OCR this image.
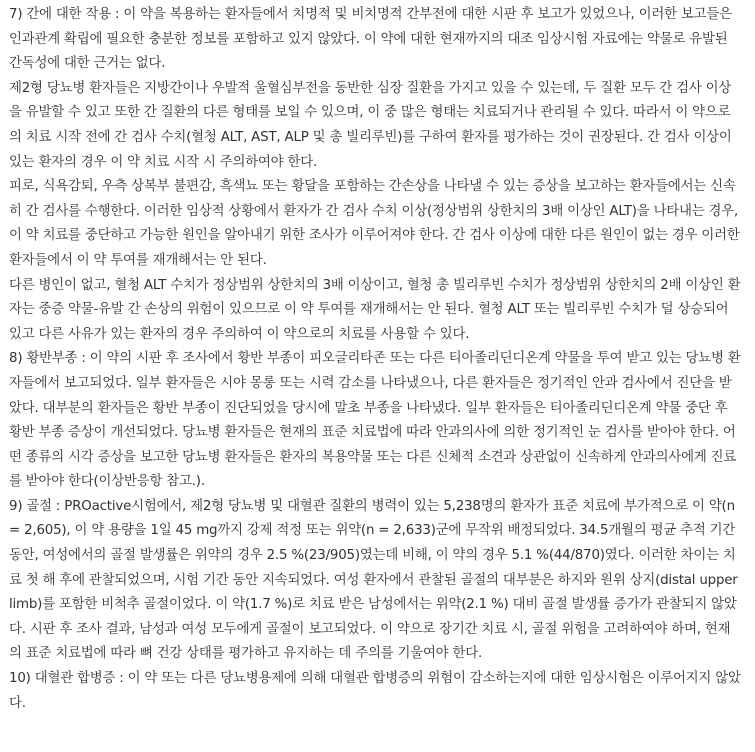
7) 간에 대한 작용 : 이 약을 복용하는 환자들에서 치명적 및 비치명적 간부전에 대한 시판 후 보고가 있었으나, 이러한 보고들은 인과관계 확립에 필요한 충분한 정보를 포함하고 있지 않았다. 이 약에 대한 현재까지의 대조 임상시험 자료에는 약물로 유발된 간독성에 대한 근거는 없다.

제2형 당뇨병 환자들은 지방간이나 우발적 울혈심부전을 동반한 심장 질환을 가지고 있을 수 있는데, 두 질환 모두 간 검사 이상을 유발할 수 있고 또한 간 질환의 다른 형태를 보일 수 있으며, 이 중 많은 형태는 치료되거나 관리될 수 있다. 따라서 이 약으로의 치료 시작 전에 간 검사 수치(혈청 ALT, AST, ALP 및 총 빌리루빈)를 구하여 환자를 평가하는 것이 권장된다. 간 검사 이상이 있는 환자의 경우 이 약 치료 시작 시 주의하여야 한다.

피로, 식욕감퇴, 우측 상복부 불편감, 흑색뇨 또는 황달을 포함하는 간손상을 나타낼 수 있는 증상을 보고하는 환자들에서는 신속히 간 검사를 수행한다. 이러한 임상적 상황에서 환자가 간 검사 수치 이상(정상범위 상한치의 3배 이상인 ALT)을 나타내는 경우, 이 약 치료를 중단하고 가능한 원인을 알아내기 위한 조사가 이루어져야 한다. 간 검사 이상에 대한 다른 원인이 없는 경우 이러한 환자들에서 이 약 투여를 재개해서는 안 된다.

다른 병인이 없고, 혈청 ALT 수치가 정상범위 상한치의 3배 이상이고, 혈청 총 빌리루빈 수치가 정상범위 상한치의 2배 이상인 환자는 중증 약물-유발 간 손상의 위험이 있으므로 이 약 투여를 재개해서는 안 된다. 혈청 ALT 또는 빌리루빈 수치가 덜 상승되어 있고 다른 사유가 있는 환자의 경우 주의하여 이 약으로의 치료를 사용할 수 있다.

8) 황반부종 : 이 약의 시판 후 조사에서 황반 부종이 피오글리타존 또는 다른 티아졸리딘디온계 약물을 투여 받고 있는 당뇨병 환자들에서 보고되었다. 일부 환자들은 시야 몽롱 또는 시력 감소를 나타냈으나, 다른 환자들은 정기적인 안과 검사에서 진단을 받았다. 대부분의 환자들은 황반 부종이 진단되었을 당시에 말초 부종을 나타냈다. 일부 환자들은 티아졸리딘디온계 약물 중단 후 황반 부종 증상이 개선되었다. 당뇨병 환자들은 현재의 표준 치료법에 따라 안과의사에 의한 정기적인 눈 검사를 받아야 한다. 어떤 종류의 시각 증상을 보고한 당뇨병 환자들은 환자의 복용약물 또는 다른 신체적 소견과 상관없이 신속하게 안과의사에게 진료를 받아야 한다(이상반응항 참고.).

9) 골절 : PROactive시험에서, 제2형 당뇨병 및 대혈관 질환의 병력이 있는 5,238명의 환자가 표준 치료에 부가적으로 이 약(n = 2,605), 이 약 용량을 1일 45 mg까지 강제 적정 또는 위약(n = 2,633)군에 무작위 배정되었다. 34.5개월의 평균 추적 기간 동안, 여성에서의 골절 발생률은 위약의 경우 2.5 %(23/905)였는데 비해, 이 약의 경우 5.1 %(44/870)였다. 이러한 차이는 치료 첫 해 후에 관찰되었으며, 시험 기간 동안 지속되었다. 여성 환자에서 관찰된 골절의 대부분은 하지와 원위 상지(distal upper limb)를 포함한 비척추 골절이었다. 이 약(1.7 %)로 치료 받은 남성에서는 위약(2.1 %) 대비 골절 발생률 증가가 관찰되지 않았다. 시판 후 조사 결과, 남성과 여성 모두에게 골절이 보고되었다. 이 약으로 장기간 치료 시, 골절 위험을 고려하여야 하며, 현재의 표준 치료법에 따라 뼈 건강 상태를 평가하고 유지하는 데 주의를 기울여야 한다.

10) 대혈관 합병증 : 이 약 또는 다른 당뇨병용제에 의해 대혈관 합병증의 위험이 감소하는지에 대한 임상시험은 이루어지지 않았다.
